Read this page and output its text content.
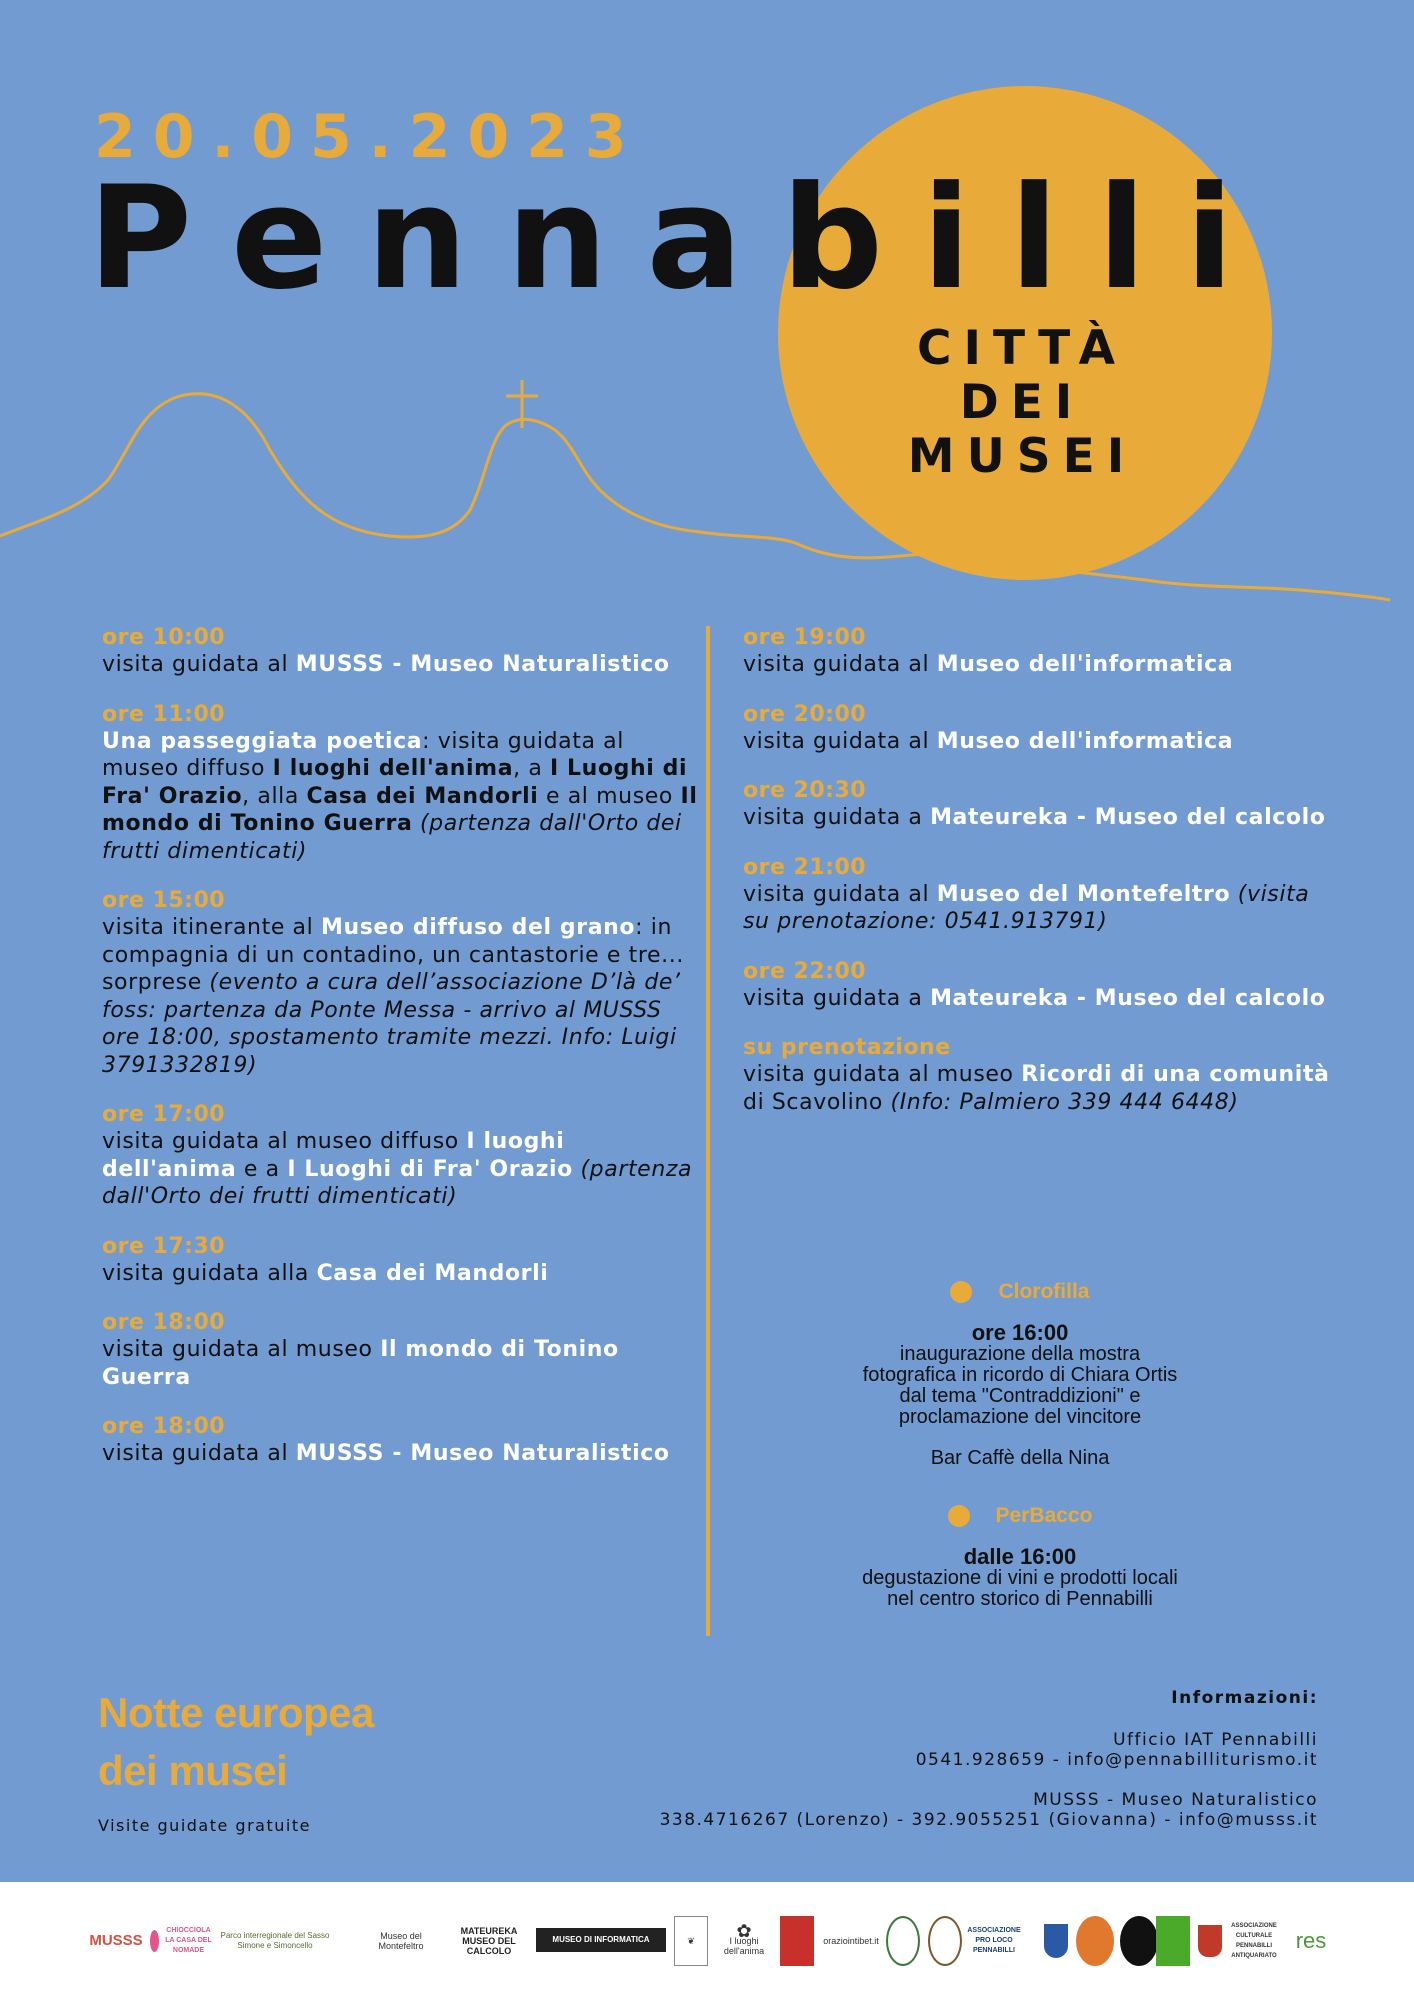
20.05.2023
Pennabilli
CITTÀ
DEI
MUSEI
ore 10:00
visita guidata al MUSSS - Museo Naturalistico
ore 11:00
Una passeggiata poetica: visita guidata al museo diffuso I luoghi dell'anima, a I Luoghi di Fra' Orazio, alla Casa dei Mandorli e al museo Il mondo di Tonino Guerra (partenza dall'Orto dei frutti dimenticati)
ore 15:00
visita itinerante al Museo diffuso del grano: in compagnia di un contadino, un cantastorie e tre... sorprese (evento a cura dell’associazione D’là de’ foss: partenza da Ponte Messa - arrivo al MUSSS ore 18:00, spostamento tramite mezzi. Info: Luigi 3791332819)
ore 17:00
visita guidata al museo diffuso I luoghi dell'anima e a I Luoghi di Fra' Orazio (partenza dall'Orto dei frutti dimenticati)
ore 17:30
visita guidata alla Casa dei Mandorli
ore 18:00
visita guidata al museo Il mondo di Tonino Guerra
ore 18:00
visita guidata al MUSSS - Museo Naturalistico
ore 19:00
visita guidata al Museo dell'informatica
ore 20:00
visita guidata al Museo dell'informatica
ore 20:30
visita guidata a Mateureka - Museo del calcolo
ore 21:00
visita guidata al Museo del Montefeltro (visita su prenotazione: 0541.913791)
ore 22:00
visita guidata a Mateureka - Museo del calcolo
su prenotazione
visita guidata al museo Ricordi di una comunità di Scavolino (Info: Palmiero 339 444 6448)
Clorofilla
ore 16:00
inaugurazione della mostra
fotografica in ricordo di Chiara Ortis
dal tema "Contraddizioni" e
proclamazione del vincitore
Bar Caffè della Nina
PerBacco
dalle 16:00
degustazione di vini e prodotti locali
nel centro storico di Pennabilli
Notte europea
dei musei
Visite guidate gratuite
Informazioni:
Ufficio IAT Pennabilli
0541.928659 - info@pennabilliturismo.it
MUSSS - Museo Naturalistico
338.4716267 (Lorenzo) - 392.9055251 (Giovanna) - info@musss.it
MUSSS
CHIOCCIOLA LA CASA DEL NOMADE
Parco interregionale del Sasso Simone e Simoncello
Museo del Montefeltro
MATEUREKA MUSEO DEL CALCOLO
MUSEO DI INFORMATICA	❦ ✿
I luoghi dell'anima
oraziointibet.it
ASSOCIAZIONE PRO LOCO PENNABILLI
ASSOCIAZIONE CULTURALE PENNABILLI ANTIQUARIATO
res
